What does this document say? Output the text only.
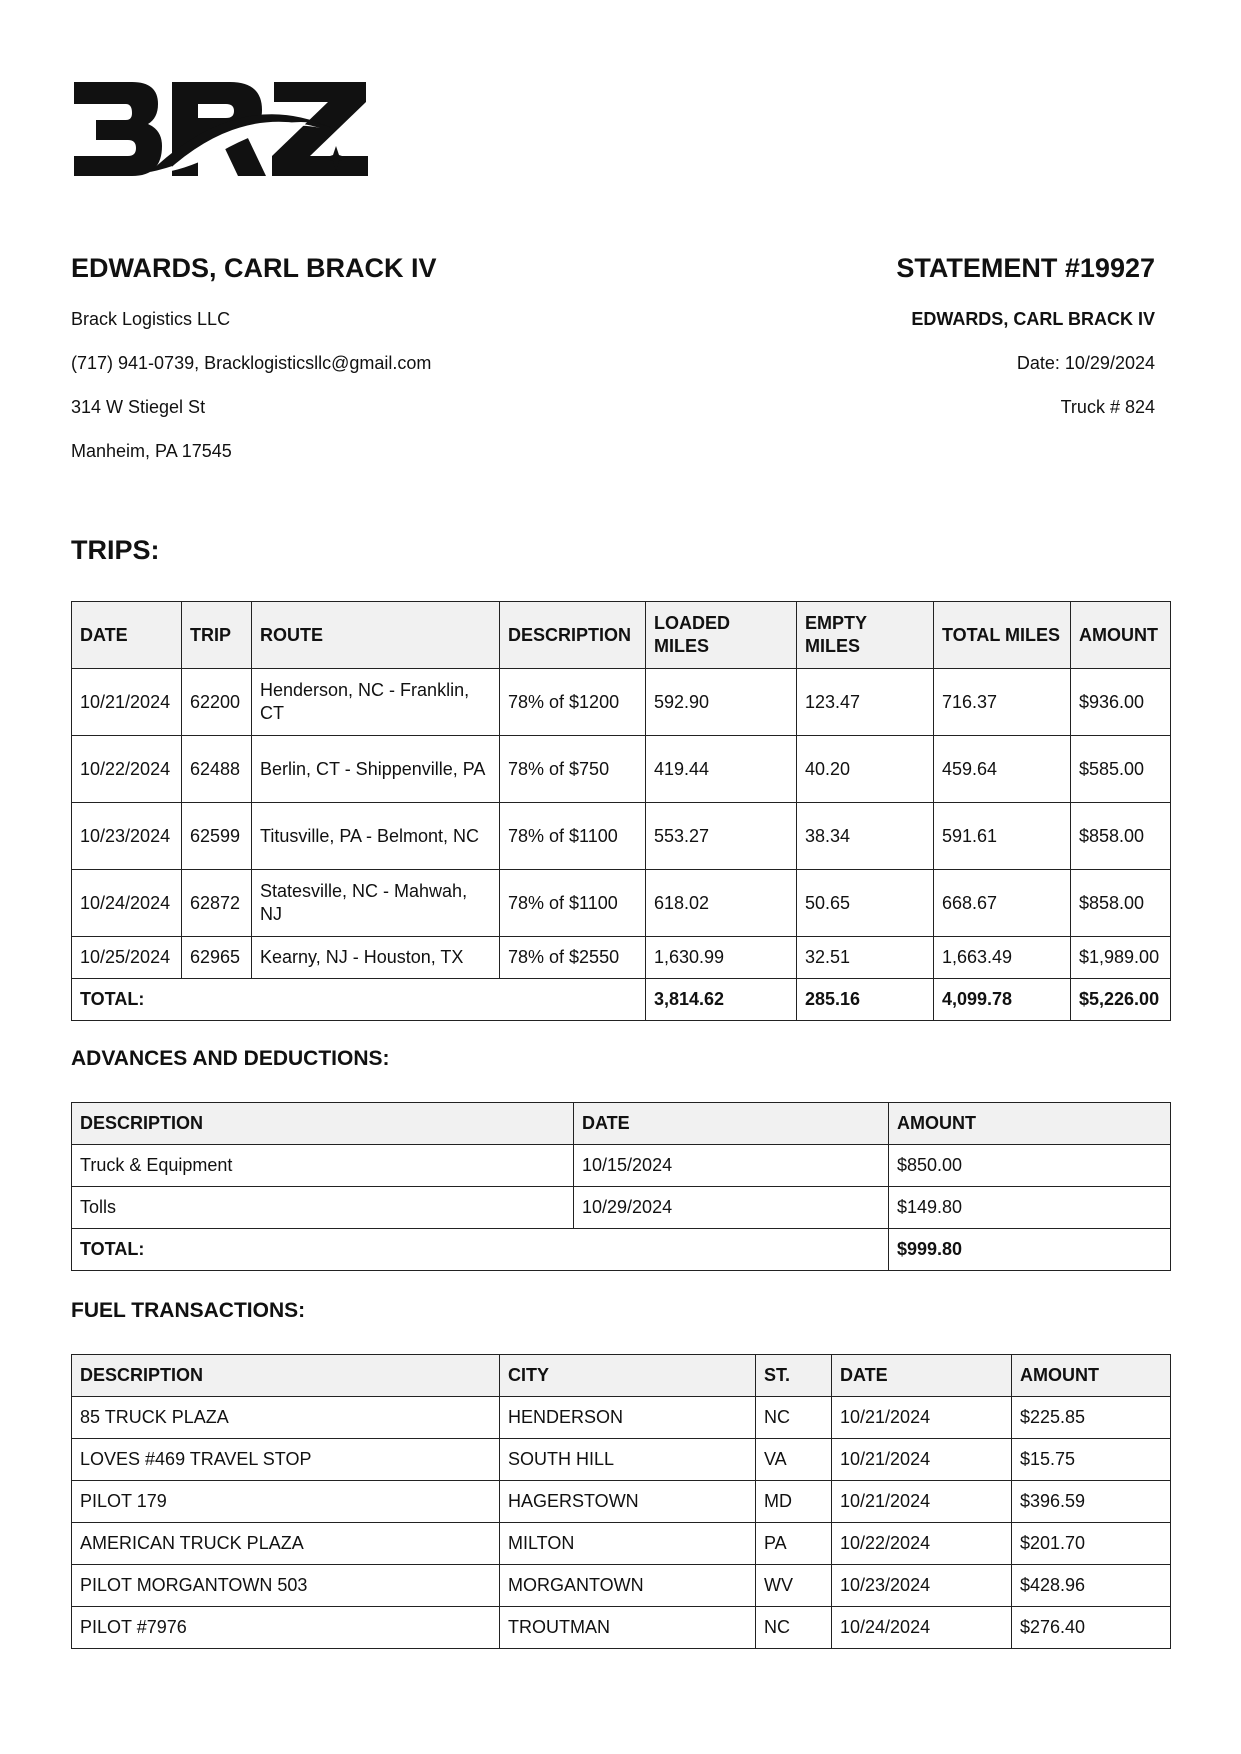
EDWARDS, CARL BRACK IV
Brack Logistics LLC
(717) 941-0739, Bracklogisticsllc@gmail.com
314 W Stiegel St
Manheim, PA 17545
STATEMENT #19927
EDWARDS, CARL BRACK IV
Date: 10/29/2024
Truck # 824
TRIPS:
DATE	TRIP	ROUTE	DESCRIPTION	LOADED MILES	EMPTY MILES	TOTAL MILES	AMOUNT
10/21/2024	62200	Henderson, NC - Franklin, CT	78% of $1200	592.90	123.47	716.37	$936.00
10/22/2024	62488	Berlin, CT - Shippenville, PA	78% of $750	419.44	40.20	459.64	$585.00
10/23/2024	62599	Titusville, PA - Belmont, NC	78% of $1100	553.27	38.34	591.61	$858.00
10/24/2024	62872	Statesville, NC - Mahwah, NJ	78% of $1100	618.02	50.65	668.67	$858.00
10/25/2024	62965	Kearny, NJ - Houston, TX	78% of $2550	1,630.99	32.51	1,663.49	$1,989.00
TOTAL:				3,814.62	285.16	4,099.78	$5,226.00
ADVANCES AND DEDUCTIONS:
DESCRIPTION	DATE	AMOUNT
Truck & Equipment	10/15/2024	$850.00
Tolls	10/29/2024	$149.80
TOTAL:		$999.80
FUEL TRANSACTIONS:
DESCRIPTION	CITY	ST.	DATE	AMOUNT
85 TRUCK PLAZA	HENDERSON	NC	10/21/2024	$225.85
LOVES #469 TRAVEL STOP	SOUTH HILL	VA	10/21/2024	$15.75
PILOT 179	HAGERSTOWN	MD	10/21/2024	$396.59
AMERICAN TRUCK PLAZA	MILTON	PA	10/22/2024	$201.70
PILOT MORGANTOWN 503	MORGANTOWN	WV	10/23/2024	$428.96
PILOT #7976	TROUTMAN	NC	10/24/2024	$276.40
